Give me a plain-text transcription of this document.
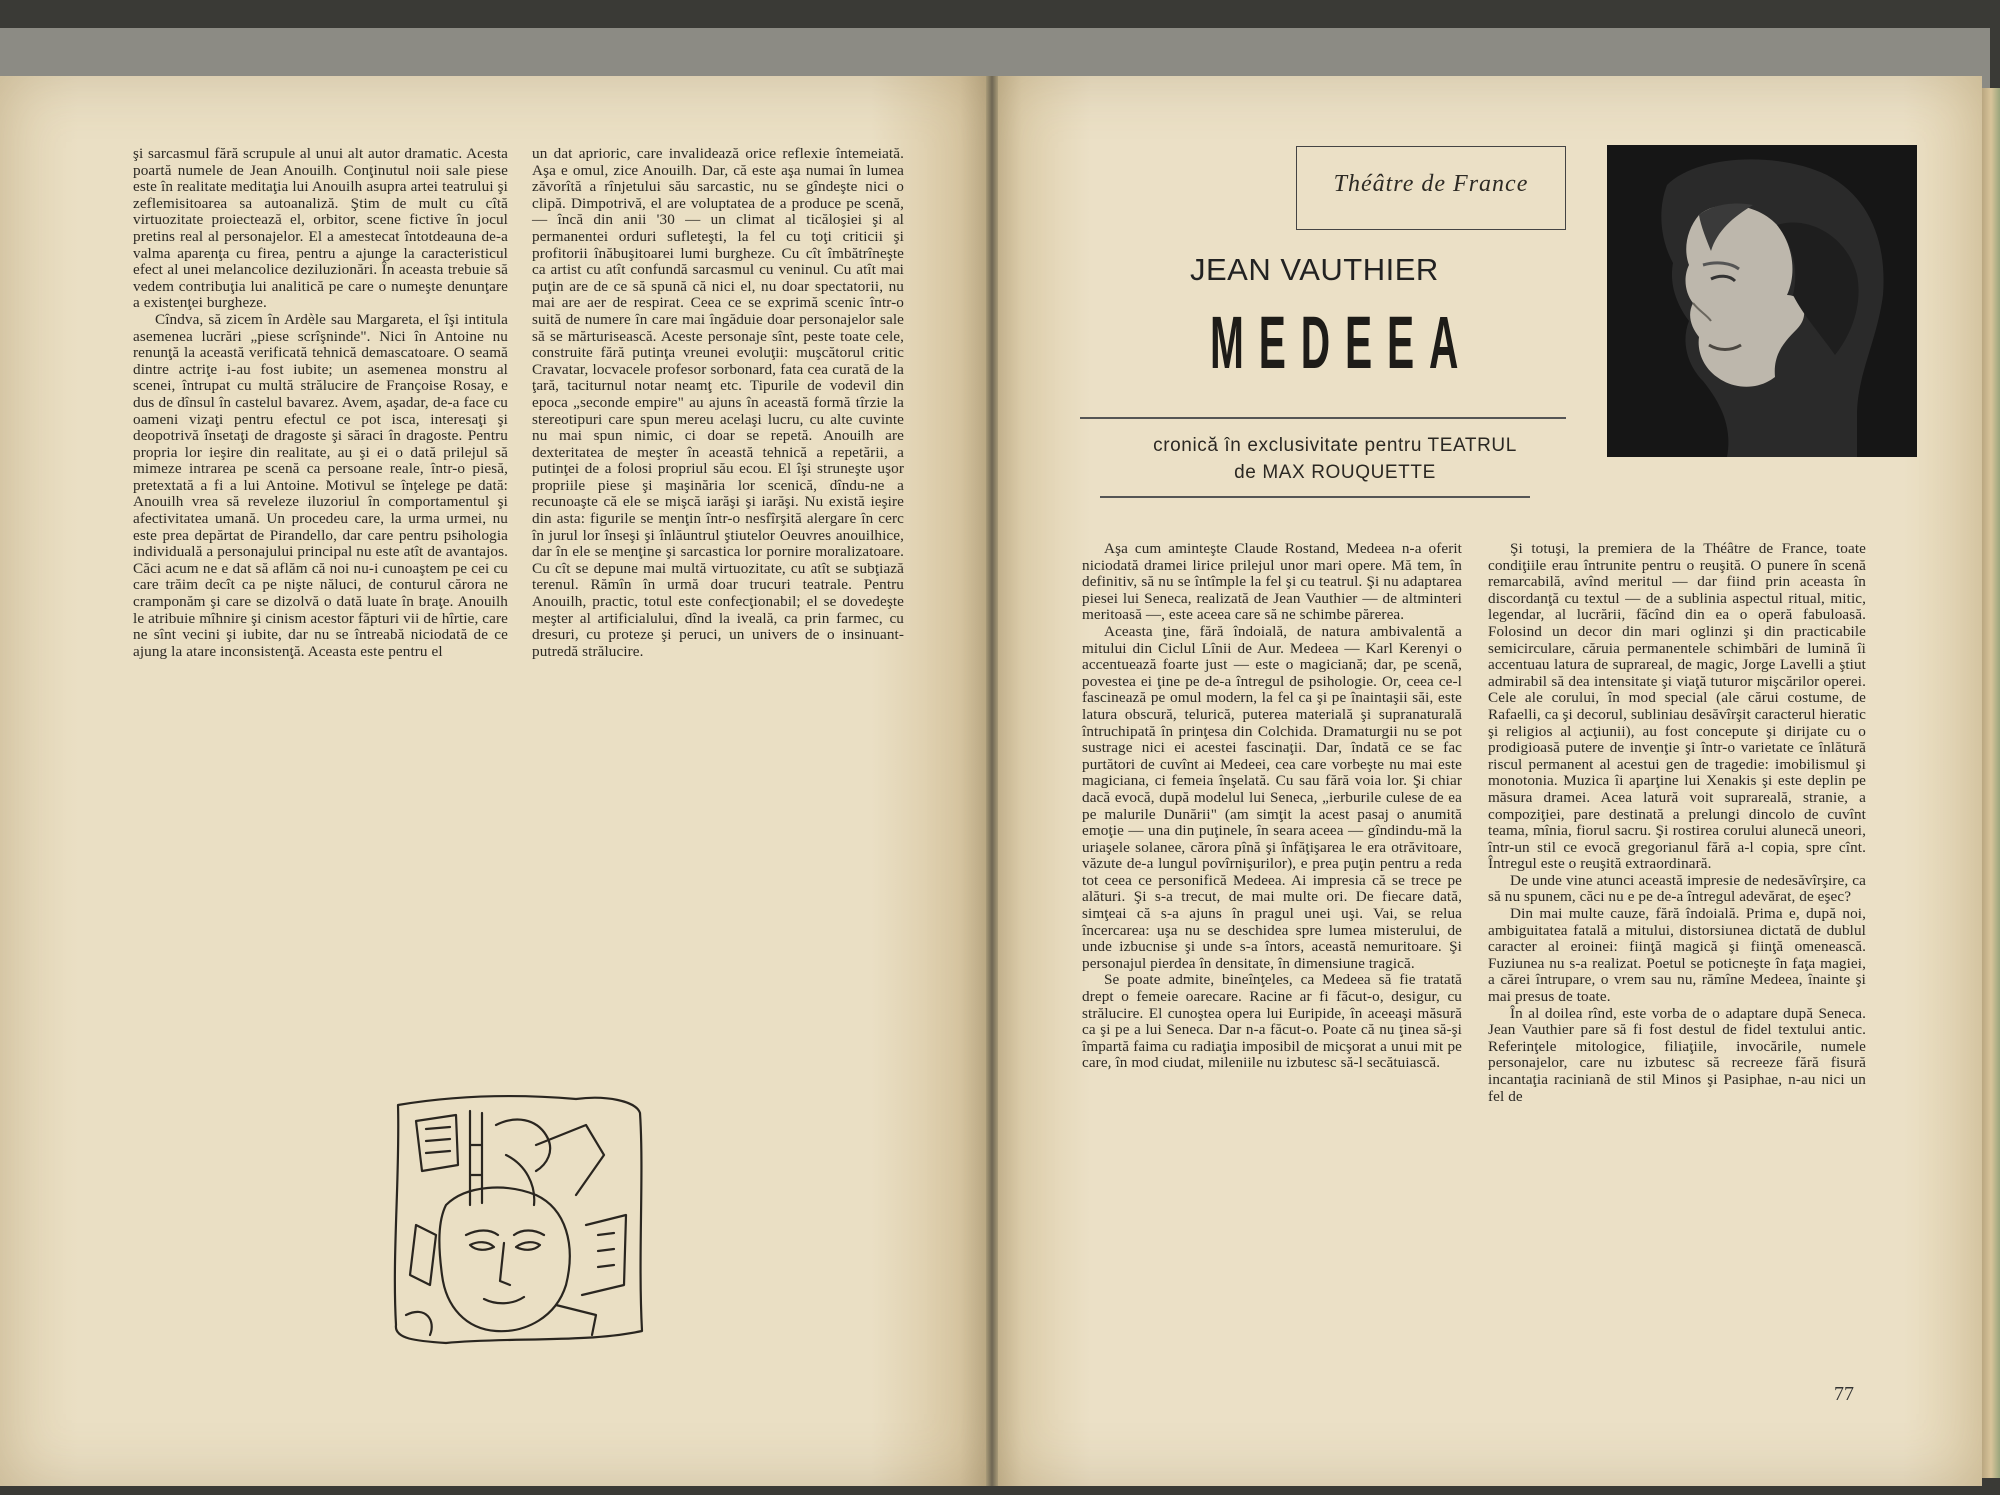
şi sarcasmul fără scrupule al unui alt autor dramatic. Acesta poartă numele de Jean Anouilh. Conţinutul noii sale piese este în realitate meditaţia lui Anouilh asupra artei teatrului şi zeflemisitoarea sa autoanaliză. Ştim de mult cu cîtă virtuozitate proiectează el, orbitor, scene fictive în jocul pretins real al personajelor. El a amestecat întotdeauna de-a valma aparenţa cu firea, pentru a ajunge la caracteristicul efect al unei melancolice deziluzionări. În aceasta trebuie să vedem contribuţia lui analitică pe care o numeşte denunţare a existenţei burgheze.

Cîndva, să zicem în Ardèle sau Margareta, el îşi intitula asemenea lucrări „piese scrîşninde". Nici în Antoine nu renunţă la această verificată tehnică demascatoare. O seamă dintre actriţe i-au fost iubite; un asemenea monstru al scenei, întrupat cu multă strălucire de Françoise Rosay, e dus de dînsul în castelul bavarez. Avem, aşadar, de-a face cu oameni vizaţi pentru efectul ce pot isca, interesaţi şi deopotrivă însetaţi de dragoste şi săraci în dragoste. Pentru propria lor ieşire din realitate, au şi ei o dată prilejul să mimeze intrarea pe scenă ca persoane reale, într-o piesă, pretextată a fi a lui Antoine. Motivul se înţelege pe dată: Anouilh vrea să reveleze iluzoriul în comportamentul şi afectivitatea umană. Un procedeu care, la urma urmei, nu este prea depărtat de Pirandello, dar care pentru psihologia individuală a personajului principal nu este atît de avantajos. Căci acum ne e dat să aflăm că noi nu-i cunoaştem pe cei cu care trăim decît ca pe nişte năluci, de conturul cărora ne cramponăm şi care se dizolvă o dată luate în braţe. Anouilh le atribuie mîhnire şi cinism acestor făpturi vii de hîrtie, care ne sînt vecini şi iubite, dar nu se întreabă niciodată de ce ajung la atare inconsistenţă. Aceasta este pentru el

un dat aprioric, care invalidează orice reflexie întemeiată. Aşa e omul, zice Anouilh. Dar, că este aşa numai în lumea zăvorîtă a rînjetului său sarcastic, nu se gîndeşte nici o clipă. Dimpotrivă, el are voluptatea de a produce pe scenă, — încă din anii '30 — un climat al ticăloşiei şi al permanentei orduri sufleteşti, la fel cu toţi criticii şi profitorii înăbuşitoarei lumi burgheze. Cu cît îmbătrîneşte ca artist cu atît confundă sarcasmul cu veninul. Cu atît mai puţin are de ce să spună că nici el, nu doar spectatorii, nu mai are aer de respirat. Ceea ce se exprimă scenic într-o suită de numere în care mai îngăduie doar personajelor sale să se mărturisească. Aceste personaje sînt, peste toate cele, construite fără putinţa vreunei evoluţii: muşcătorul critic Cravatar, locvacele profesor sorbonard, fata cea curată de la ţară, taciturnul notar neamţ etc. Tipurile de vodevil din epoca „seconde empire" au ajuns în această formă tîrzie la stereotipuri care spun mereu acelaşi lucru, cu alte cuvinte nu mai spun nimic, ci doar se repetă. Anouilh are dexteritatea de meşter în această tehnică a repetării, a putinţei de a folosi propriul său ecou. El îşi struneşte uşor propriile piese şi maşinăria lor scenică, dîndu-ne a recunoaşte că ele se mişcă iarăşi şi iarăşi. Nu există ieşire din asta: figurile se menţin într-o nesfîrşită alergare în cerc în jurul lor înseşi şi înlăuntrul ştiutelor Oeuvres anouilhice, dar în ele se menţine şi sarcastica lor pornire moralizatoare. Cu cît se depune mai multă virtuozitate, cu atît se subţiază terenul. Rămîn în urmă doar trucuri teatrale. Pentru Anouilh, practic, totul este confecţionabil; el se dovedeşte meşter al artificialului, dînd la iveală, ca prin farmec, cu dresuri, cu proteze şi peruci, un univers de o insinuant-putredă strălucire.

Théâtre de France
JEAN VAUTHIER
MEDEEA
cronică în exclusivitate pentru TEATRUL
de MAX ROUQUETTE

Aşa cum aminteşte Claude Rostand, Medeea n-a oferit niciodată dramei lirice prilejul unor mari opere. Mă tem, în definitiv, să nu se întîmple la fel şi cu teatrul. Şi nu adaptarea piesei lui Seneca, realizată de Jean Vauthier — de altminteri meritoasă —, este aceea care să ne schimbe părerea.

Aceasta ţine, fără îndoială, de natura ambivalentă a mitului din Ciclul Lînii de Aur. Medeea — Karl Kerenyi o accentuează foarte just — este o magiciană; dar, pe scenă, povestea ei ţine pe de-a întregul de psihologie. Or, ceea ce-l fascinează pe omul modern, la fel ca şi pe înaintaşii săi, este latura obscură, telurică, puterea materială şi supranaturală întruchipată în prinţesa din Colchida. Dramaturgii nu se pot sustrage nici ei acestei fascinaţii. Dar, îndată ce se fac purtători de cuvînt ai Medeei, cea care vorbeşte nu mai este magiciana, ci femeia înşelată. Cu sau fără voia lor. Şi chiar dacă evocă, după modelul lui Seneca, „ierburile culese de ea pe malurile Dunării" (am simţit la acest pasaj o anumită emoţie — una din puţinele, în seara aceea — gîndindu-mă la uriaşele solanee, cărora pînă şi înfăţişarea le era otrăvitoare, văzute de-a lungul povîrnişurilor), e prea puţin pentru a reda tot ceea ce personifică Medeea. Ai impresia că se trece pe alături. Şi s-a trecut, de mai multe ori. De fiecare dată, simţeai că s-a ajuns în pragul unei uşi. Vai, se relua încercarea: uşa nu se deschidea spre lumea misterului, de unde izbucnise şi unde s-a întors, această nemuritoare. Şi personajul pierdea în densitate, în dimensiune tragică.

Se poate admite, bineînţeles, ca Medeea să fie tratată drept o femeie oarecare. Racine ar fi făcut-o, desigur, cu strălucire. El cunoştea opera lui Euripide, în aceeaşi măsură ca şi pe a lui Seneca. Dar n-a făcut-o. Poate că nu ţinea să-şi împartă faima cu radiaţia imposibil de micşorat a unui mit pe care, în mod ciudat, mileniile nu izbutesc să-l secătuiască.

Şi totuşi, la premiera de la Théâtre de France, toate condiţiile erau întrunite pentru o reuşită. O punere în scenă remarcabilă, avînd meritul — dar fiind prin aceasta în discordanţă cu textul — de a sublinia aspectul ritual, mitic, legendar, al lucrării, făcînd din ea o operă fabuloasă. Folosind un decor din mari oglinzi şi din practicabile semicirculare, căruia permanentele schimbări de lumină îi accentuau latura de suprareal, de magic, Jorge Lavelli a ştiut admirabil să dea intensitate şi viaţă tuturor mişcărilor operei. Cele ale corului, în mod special (ale cărui costume, de Rafaelli, ca şi decorul, subliniau desăvîrşit caracterul hieratic şi religios al acţiunii), au fost concepute şi dirijate cu o prodigioasă putere de invenţie şi într-o varietate ce înlătură riscul permanent al acestui gen de tragedie: imobilismul şi monotonia. Muzica îi aparţine lui Xenakis şi este deplin pe măsura dramei. Acea latură voit suprareală, stranie, a compoziţiei, pare destinată a prelungi dincolo de cuvînt teama, mînia, fiorul sacru. Şi rostirea corului alunecă uneori, într-un stil ce evocă gregorianul fără a-l copia, spre cînt. Întregul este o reuşită extraordinară.

De unde vine atunci această impresie de nedesăvîrşire, ca să nu spunem, căci nu e pe de-a întregul adevărat, de eşec?

Din mai multe cauze, fără îndoială. Prima e, după noi, ambiguitatea fatală a mitului, distorsiunea dictată de dublul caracter al eroinei: fiinţă magică şi fiinţă omenească. Fuziunea nu s-a realizat. Poetul se poticneşte în faţa magiei, a cărei întrupare, o vrem sau nu, rămîne Medeea, înainte şi mai presus de toate.

În al doilea rînd, este vorba de o adaptare după Seneca. Jean Vauthier pare să fi fost destul de fidel textului antic. Referinţele mitologice, filiaţiile, invocările, numele personajelor, care nu izbutesc să recreeze fără fisură incantaţia racinianã de stil Minos şi Pasiphae, n-au nici un fel de

77
